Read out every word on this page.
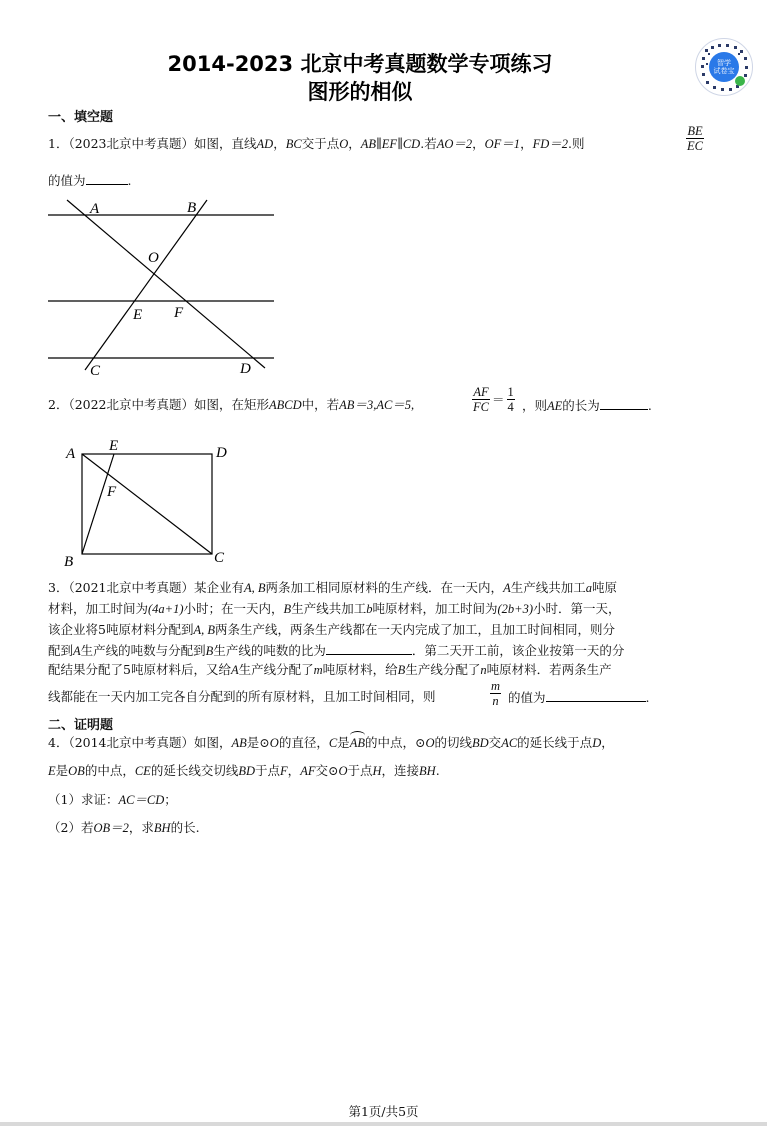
2014-2023 北京中考真题数学专项练习
图形的相似
智学
试卷宝
一、填空题
1．（2023北京中考真题）如图，直线AD，BC交于点O，AB∥EF∥CD.若AO＝2，OF＝1，FD＝2.则	$\frac{BE}{EC}$
的值为	.
A	B
O
E F
C	D
2．（2022北京中考真题）如图，在矩形ABCD中，若AB＝3,AC＝5,	$\frac{AF}{FC} = \frac{1}{4}$ ，则AE的长为	.
A E	D
F
B	C
3．（2021北京中考真题）某企业有A, B两条加工相同原材料的生产线．在一天内，A生产线共加工a吨原
材料，加工时间为(4a+1)小时；在一天内，B生产线共加工b吨原材料，加工时间为(2b+3)小时．第一天，
该企业将5吨原材料分配到A, B两条生产线，两条生产线都在一天内完成了加工，且加工时间相同，则分
配到A生产线的吨数与分配到B生产线的吨数的比为	．第二天开工前，该企业按第一天的分
配结果分配了5吨原材料后，又给A生产线分配了m吨原材料，给B生产线分配了n吨原材料．若两条生产
线都能在一天内加工完各自分配到的所有原材料，且加工时间相同，则	$\frac{m}{n}$ 的值为	.
二、证明题
4．（2014北京中考真题）如图，AB是⊙O的直径，C是AB的中点，⊙O的切线BD交AC的延长线于点D，
E是OB的中点，CE的延长线交切线BD于点F，AF交⊙O于点H，连接BH.
（1）求证：AC＝CD；
（2）若OB＝2，求BH的长.
第1页/共5页
